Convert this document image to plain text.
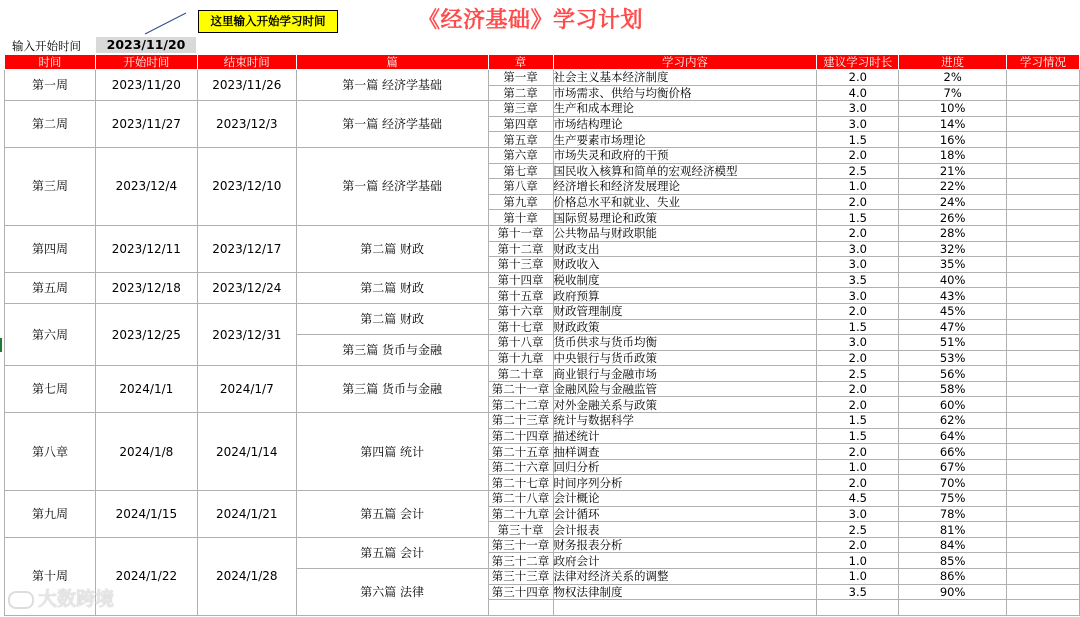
这里输入开始学习时间	《经济基础》学习计划
输入开始时间	2023/11/20
时间	开始时间	结束时间	篇	章	学习内容	建议学习时长	进度	学习情况
第一周	2023/11/20	2023/11/26	第一篇 经济学基础	第一章	社会主义基本经济制度	2.0	2%	
				第二章	市场需求、供给与均衡价格	4.0	7%	
第二周	2023/11/27	2023/12/3	第一篇 经济学基础	第三章	生产和成本理论	3.0	10%	
				第四章	市场结构理论	3.0	14%	
				第五章	生产要素市场理论	1.5	16%	
第三周	2023/12/4	2023/12/10	第一篇 经济学基础	第六章	市场失灵和政府的干预	2.0	18%	
				第七章	国民收入核算和简单的宏观经济模型	2.5	21%	
				第八章	经济增长和经济发展理论	1.0	22%	
				第九章	价格总水平和就业、失业	2.0	24%	
				第十章	国际贸易理论和政策	1.5	26%	
第四周	2023/12/11	2023/12/17	第二篇 财政	第十一章	公共物品与财政职能	2.0	28%	
				第十二章	财政支出	3.0	32%	
				第十三章	财政收入	3.0	35%	
第五周	2023/12/18	2023/12/24	第二篇 财政	第十四章	税收制度	3.5	40%	
				第十五章	政府预算	3.0	43%	
第六周	2023/12/25	2023/12/31	第二篇 财政	第十六章	财政管理制度	2.0	45%	
				第十七章	财政政策	1.5	47%	
			第三篇 货币与金融	第十八章	货币供求与货币均衡	3.0	51%	
				第十九章	中央银行与货币政策	2.0	53%	
第七周	2024/1/1	2024/1/7	第三篇 货币与金融	第二十章	商业银行与金融市场	2.5	56%	
				第二十一章	金融风险与金融监管	2.0	58%	
				第二十二章	对外金融关系与政策	2.0	60%	
第八章	2024/1/8	2024/1/14	第四篇 统计	第二十三章	统计与数据科学	1.5	62%	
				第二十四章	描述统计	1.5	64%	
				第二十五章	抽样调查	2.0	66%	
				第二十六章	回归分析	1.0	67%	
				第二十七章	时间序列分析	2.0	70%	
第九周	2024/1/15	2024/1/21	第五篇 会计	第二十八章	会计概论	4.5	75%	
				第二十九章	会计循环	3.0	78%	
				第三十章	会计报表	2.5	81%	
第十周	2024/1/22	2024/1/28	第五篇 会计	第三十一章	财务报表分析	2.0	84%	
				第三十二章	政府会计	1.0	85%	
			第六篇 法律	第三十三章	法律对经济关系的调整	1.0	86%	
				第三十四章	物权法律制度	3.5	90%	

大数跨境
